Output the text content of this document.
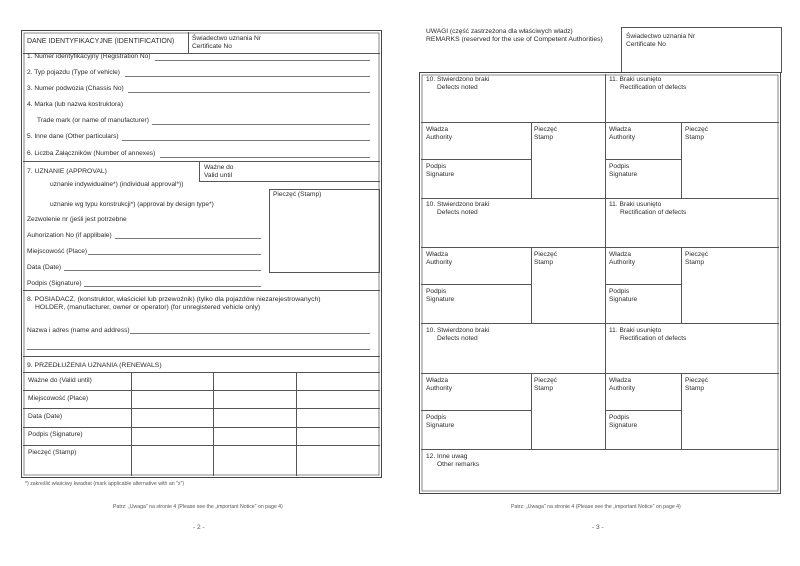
DANE IDENTYFIKACYJNE (IDENTIFICATION)	Świadectwo uznania Nr
Certificate No
1. Numer identyfikacyjny (Registration No)
2. Typ pojazdu (Type of vehicle)
3. Numer podwozia (Chassis No)
4. Marka (lub nazwa kostruktora)
Trade mark (or name of manufacturer)
5. Inne dane (Other particulars)
6. Liczba Załączników (Number of annexes)
Ważne do
Valid until
7. UZNANIE (APPROVAL)
uznanie indywidualne*) (individual approval*))
uznanie wg typu konstrukcji*) (approval by design type*)
Pieczęć (Stamp)
Zezwolenie nr (jeśli jest potrzebne
Auhorization No (if applibale)
Miejscowość (Place)
Data (Date)
Podpis (Signature)
8. POSIADACZ, (konstruktor, właściciel lub przewoźnik) (tylko dla pojazdów niezarejestrowanych)
HOLDER, (manufacturer, owner or operator) (for unregistered vehicle only)
Nazwa i adres (name and address)
9. PRZEDŁUŻENIA UZNANIA (RENEWALS)
Ważne do (Valid until)
Miejscowość (Place)
Data (Date)
Podpis (Signature)
Pieczęć (Stamp)
*) zakreślić właściwy kwadrat (mark applicable alternative with an "x")
Patrz: „Uwaga" na stronie 4 (Please see the „important Notice" on page 4)
- 2 -
UWAGI (część zastrzeżona dla właściwych władz)
REMARKS (reserved for the use of Competent Authorities)	Świadectwo uznania Nr
Certificate No
10. Stwierdzono braki
Defects noted
11. Braki usunięto
Rectification of defects
Władza
Authority
Pieczęć
Stamp
Władza
Authority
Pieczęć
Stamp
Podpis
Signature
Podpis
Signature
10. Stwierdzono braki
Defects noted
11. Braki usunięto
Rectification of defects
Władza
Authority
Pieczęć
Stamp
Władza
Authority
Pieczęć
Stamp
Podpis
Signature
Podpis
Signature
10. Stwierdzono braki
Defects noted
11. Braki usunięto
Rectification of defects
Władza
Authority
Pieczęć
Stamp
Władza
Authority
Pieczęć
Stamp
Podpis
Signature
Podpis
Signature
12. Inne uwag
Other remarks
Patrz: „Uwaga" na stronie 4 (Please see the „important Notice" on page 4)
- 3 -
